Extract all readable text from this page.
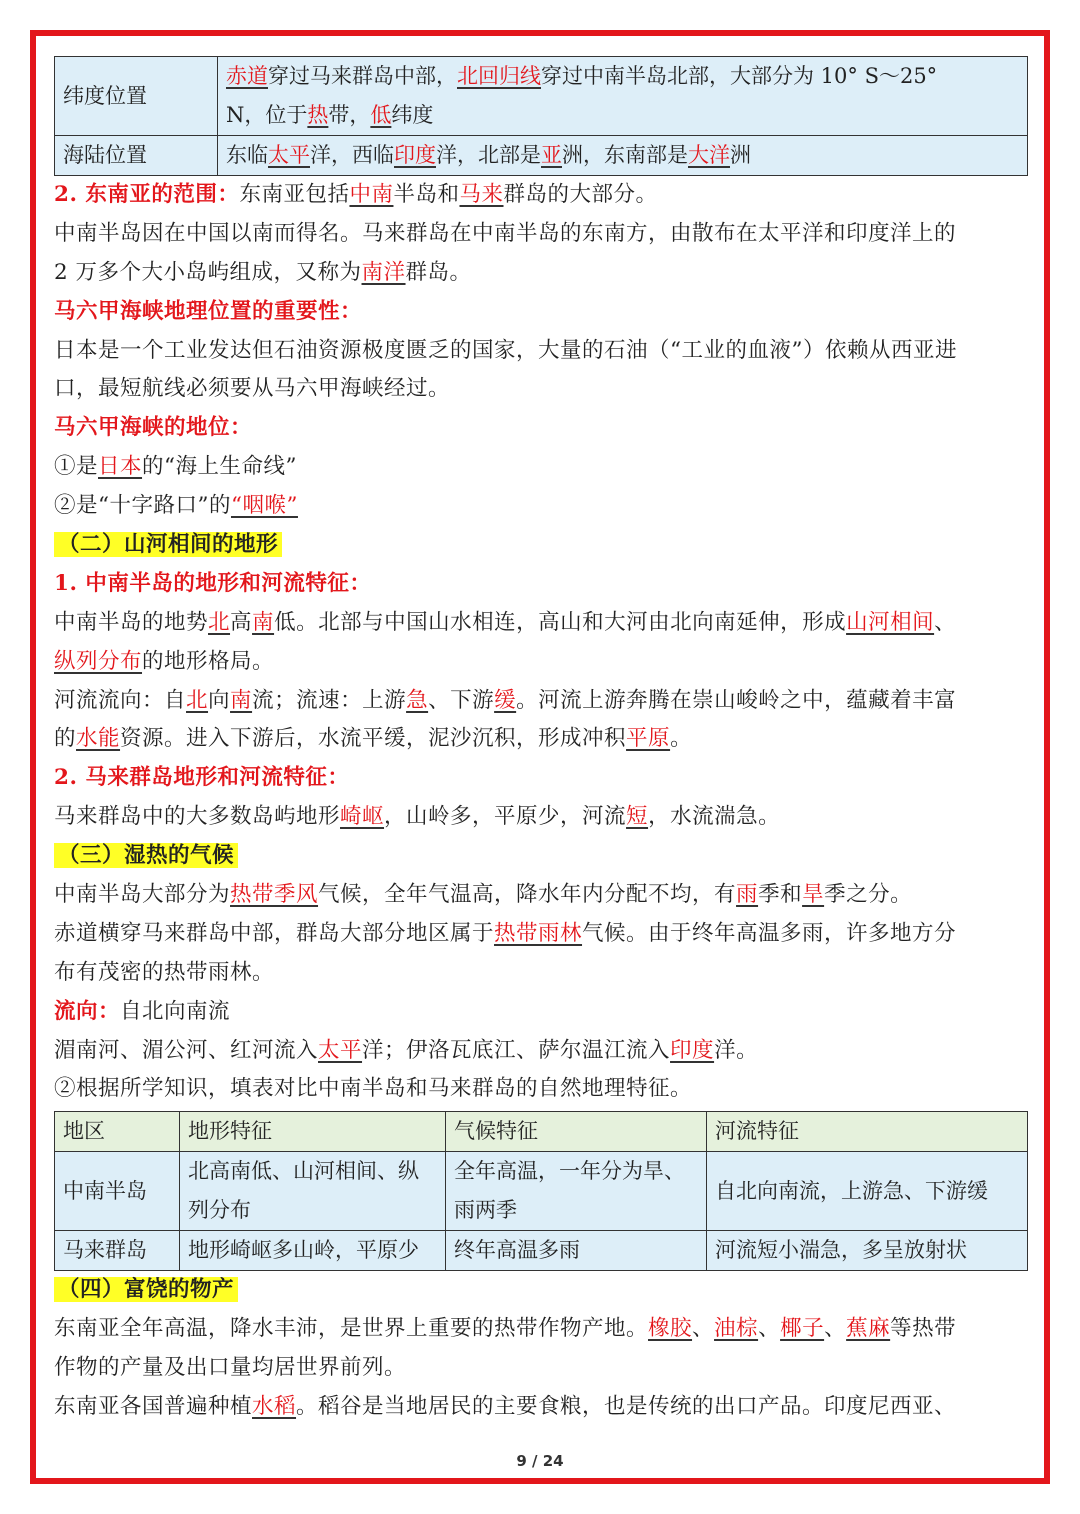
纬度位置	赤道穿过马来群岛中部，北回归线穿过中南半岛北部，大部分为 10° S～25°
N，位于热带，低纬度

海陆位置	东临太平洋，西临印度洋，北部是亚洲，东南部是大洋洲
2. 东南亚的范围：东南亚包括中南半岛和马来群岛的大部分。
中南半岛因在中国以南而得名。马来群岛在中南半岛的东南方，由散布在太平洋和印度洋上的
2 万多个大小岛屿组成，又称为南洋群岛。
马六甲海峡地理位置的重要性：
日本是一个工业发达但石油资源极度匮乏的国家，大量的石油（“工业的血液”）依赖从西亚进
口，最短航线必须要从马六甲海峡经过。
马六甲海峡的地位：
①是日本的“海上生命线”
②是“十字路口”的“咽喉”
（二）山河相间的地形
1. 中南半岛的地形和河流特征：
中南半岛的地势北高南低。北部与中国山水相连，高山和大河由北向南延伸，形成山河相间、
纵列分布的地形格局。
河流流向：自北向南流；流速：上游急、下游缓。河流上游奔腾在崇山峻岭之中，蕴藏着丰富
的水能资源。进入下游后，水流平缓，泥沙沉积，形成冲积平原。
2. 马来群岛地形和河流特征：
马来群岛中的大多数岛屿地形崎岖，山岭多，平原少，河流短，水流湍急。
（三）湿热的气候
中南半岛大部分为热带季风气候，全年气温高，降水年内分配不均，有雨季和旱季之分。
赤道横穿马来群岛中部，群岛大部分地区属于热带雨林气候。由于终年高温多雨，许多地方分
布有茂密的热带雨林。
流向：自北向南流
湄南河、湄公河、红河流入太平洋；伊洛瓦底江、萨尔温江流入印度洋。
②根据所学知识，填表对比中南半岛和马来群岛的自然地理特征。
地区	地形特征	气候特征	河流特征
中南半岛	北高南低、山河相间、纵列分布	全年高温，一年分为旱、雨两季	自北向南流，上游急、下游缓
马来群岛	地形崎岖多山岭，平原少	终年高温多雨	河流短小湍急，多呈放射状
（四）富饶的物产
东南亚全年高温，降水丰沛，是世界上重要的热带作物产地。橡胶、油棕、椰子、蕉麻等热带
作物的产量及出口量均居世界前列。
东南亚各国普遍种植水稻。稻谷是当地居民的主要食粮，也是传统的出口产品。印度尼西亚、
9 / 24
